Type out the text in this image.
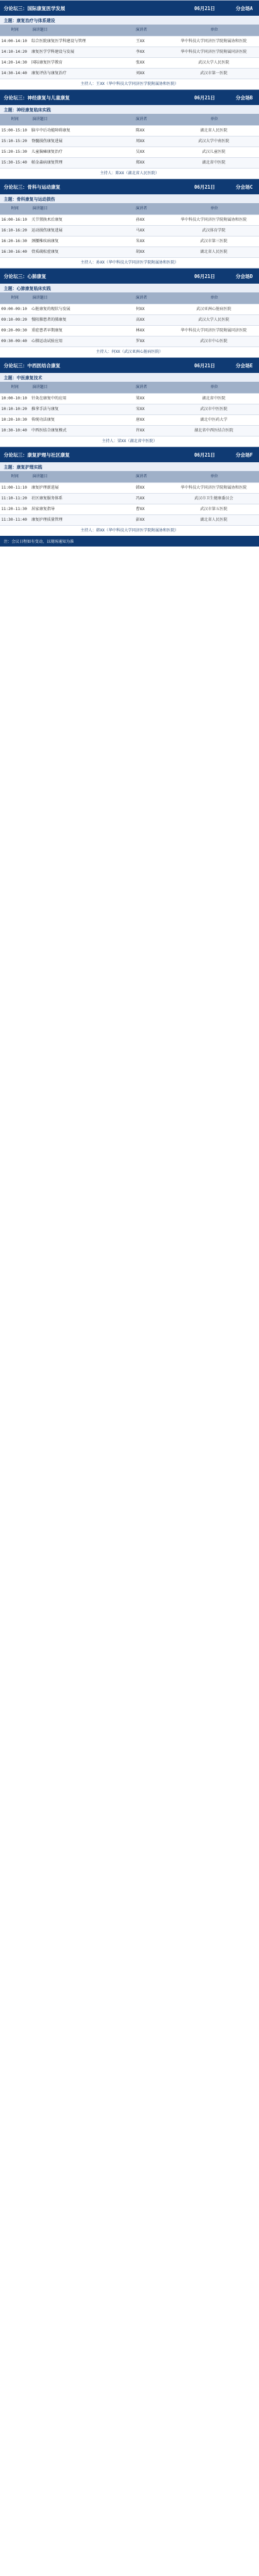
分论坛三：国际康复医学发展	06月21日	分会场A
主题：康复治疗与体系建设
时间	演讲题目	演讲者	单位
14:00-14:10	综合医院康复医学科建设与管理	王XX	华中科技大学同济医学院附属协和医院
14:10-14:20	康复医学学科建设与发展	李XX	华中科技大学同济医学院附属同济医院
14:20-14:30	国际康复医学教育	张XX	武汉大学人民医院
14:30-14:40	康复评估与康复治疗	刘XX	武汉市第一医院
主持人：王XX（华中科技大学同济医学院附属协和医院）
分论坛三：神经康复与儿童康复	06月21日	分会场B
主题：神经康复临床实践
时间	演讲题目	演讲者	单位
15:00-15:10	脑卒中后功能障碍康复	陈XX	湖北省人民医院
15:10-15:20	脊髓损伤康复进展	周XX	武汉大学中南医院
15:20-15:30	儿童脑瘫康复治疗	吴XX	武汉儿童医院
15:30-15:40	帕金森病康复管理	郑XX	湖北省中医院
主持人：陈XX（湖北省人民医院）
分论坛三：骨科与运动康复	06月21日	分会场C
主题：骨科康复与运动损伤
时间	演讲题目	演讲者	单位
16:00-16:10	关节置换术后康复	孙XX	华中科技大学同济医学院附属协和医院
16:10-16:20	运动损伤康复进展	马XX	武汉体育学院
16:20-16:30	颈腰椎疾病康复	朱XX	武汉市第三医院
16:30-16:40	骨质疏松症康复	胡XX	湖北省人民医院
主持人：孙XX（华中科技大学同济医学院附属协和医院）
分论坛三：心肺康复	06月21日	分会场D
主题：心肺康复临床实践
时间	演讲题目	演讲者	单位
09:00-09:10	心脏康复的现状与发展	何XX	武汉亚洲心脏病医院
09:10-09:20	慢阻肺患者的肺康复	高XX	武汉大学人民医院
09:20-09:30	重症患者早期康复	林XX	华中科技大学同济医学院附属同济医院
09:30-09:40	心肺运动试验应用	罗XX	武汉市中心医院
主持人：何XX（武汉亚洲心脏病医院）
分论坛三：中西医结合康复	06月21日	分会场E
主题：中医康复技术
时间	演讲题目	演讲者	单位
10:00-10:10	针灸在康复中的应用	梁XX	湖北省中医院
10:10-10:20	推拿手法与康复	宋XX	武汉市中医医院
10:20-10:30	传统功法康复	唐XX	湖北中医药大学
10:30-10:40	中西医结合康复模式	许XX	湖北省中西医结合医院
主持人：梁XX（湖北省中医院）
分论坛三：康复护理与社区康复	06月21日	分会场F
主题：康复护理实践
时间	演讲题目	演讲者	单位
11:00-11:10	康复护理新进展	韩XX	华中科技大学同济医学院附属协和医院
11:10-11:20	社区康复服务体系	冯XX	武汉市卫生健康委员会
11:20-11:30	居家康复指导	曹XX	武汉市第五医院
11:30-11:40	康复护理质量管理	彭XX	湖北省人民医院
主持人：韩XX（华中科技大学同济医学院附属协和医院）
注：会议日程如有变动，以现场通知为准
